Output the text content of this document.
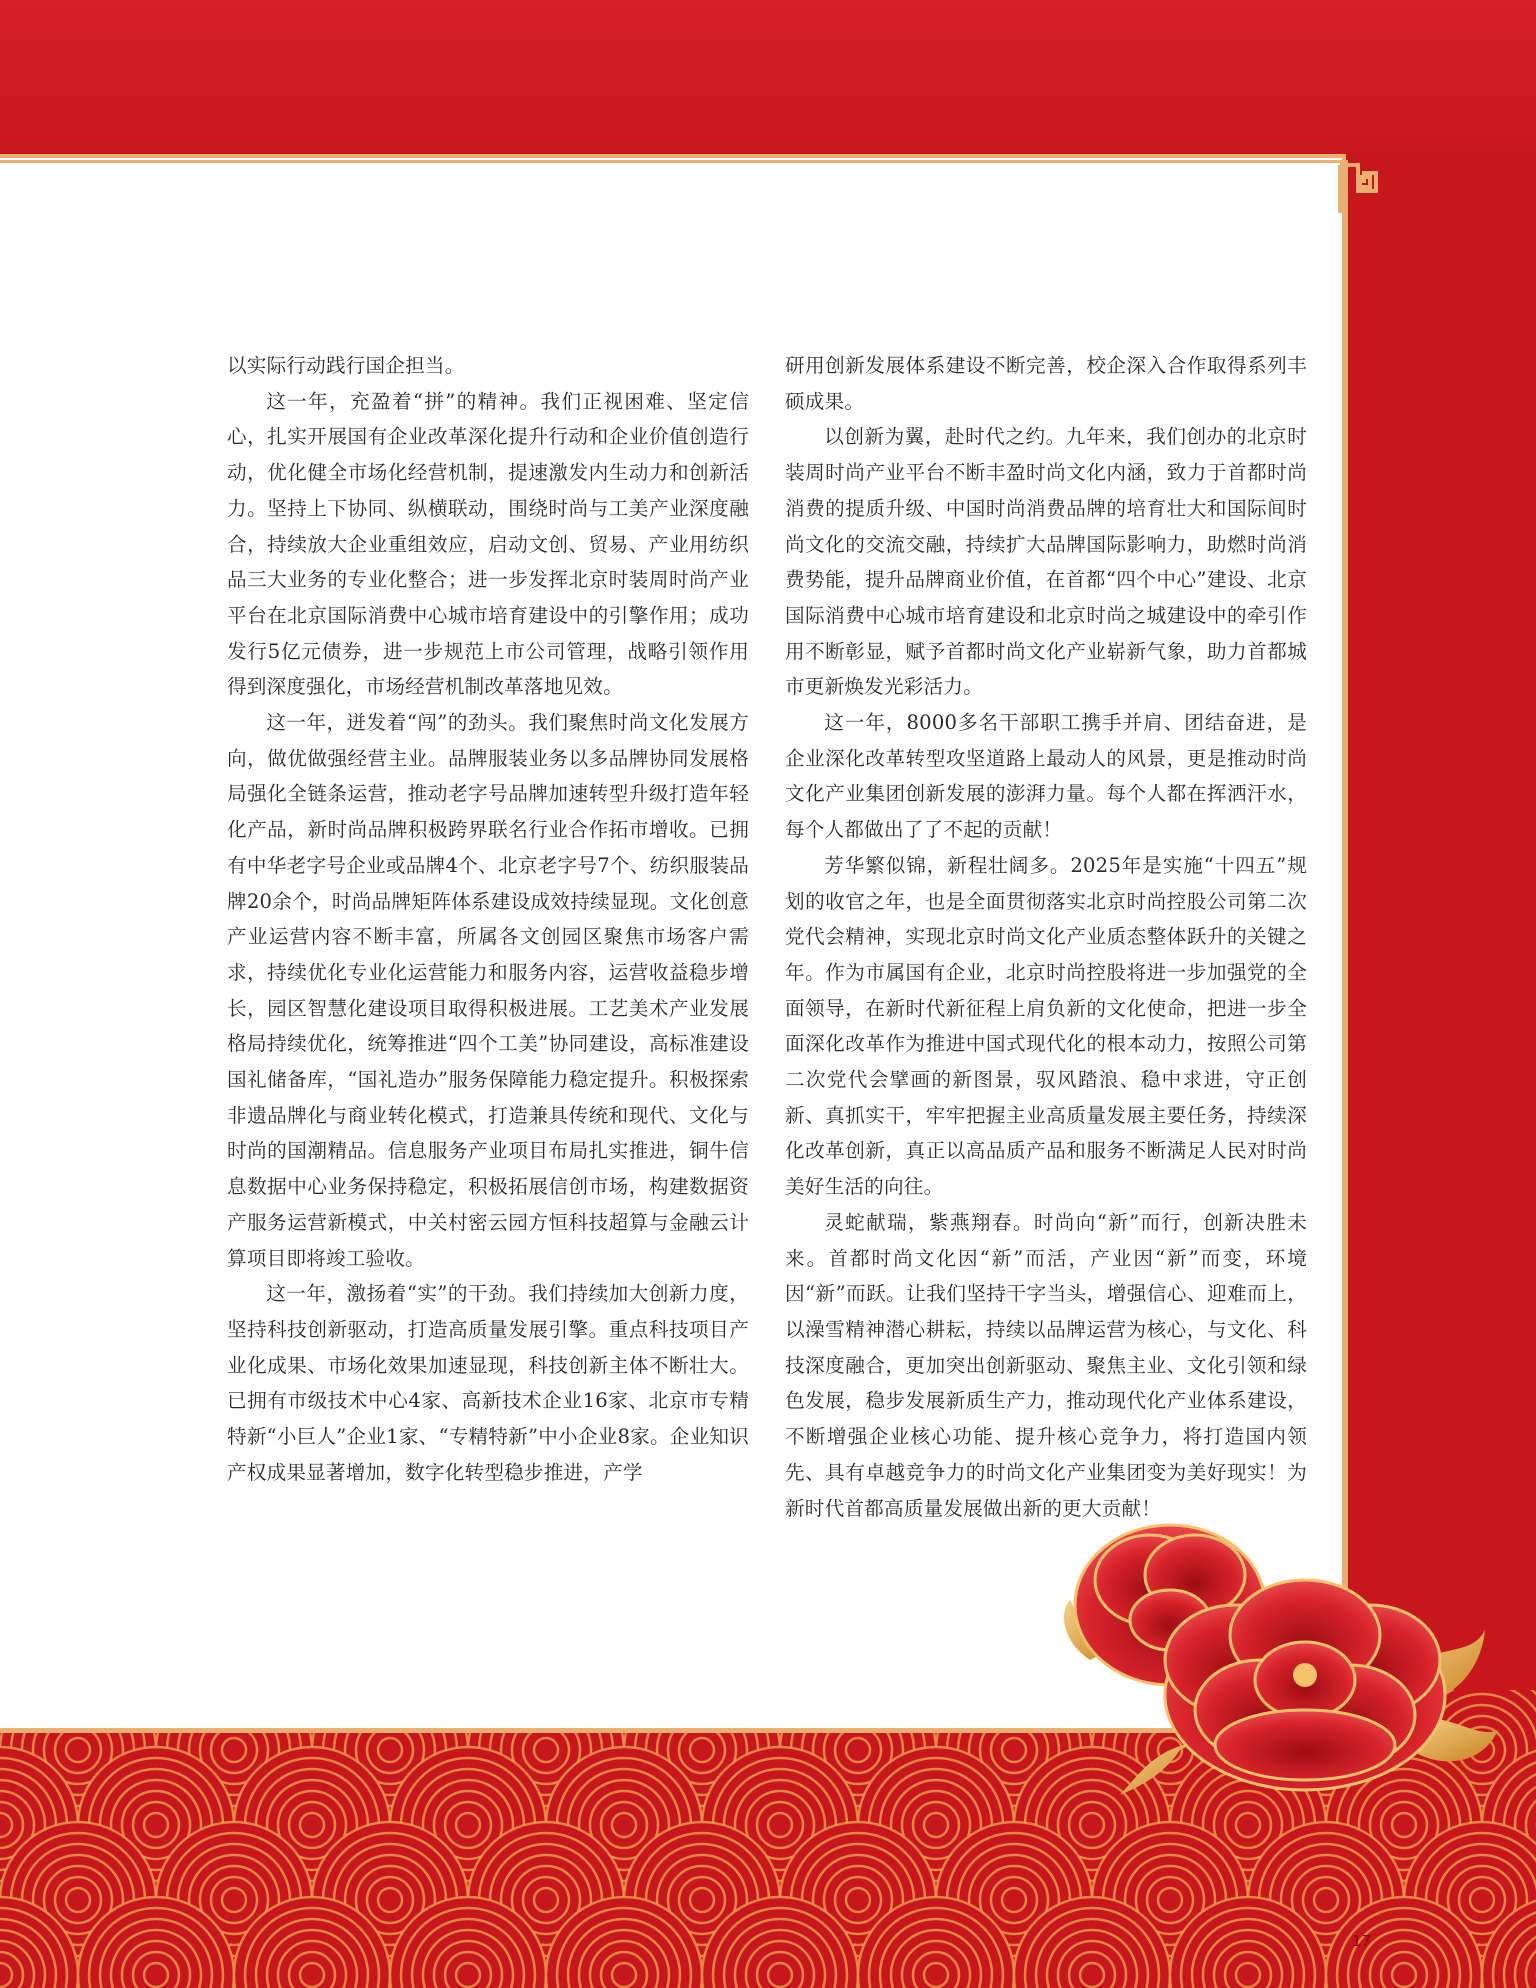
以实际行动践行国企担当。

这一年，充盈着“拼”的精神。我们正视困难、坚定信心，扎实开展国有企业改革深化提升行动和企业价值创造行动，优化健全市场化经营机制，提速激发内生动力和创新活力。坚持上下协同、纵横联动，围绕时尚与工美产业深度融合，持续放大企业重组效应，启动文创、贸易、产业用纺织品三大业务的专业化整合；进一步发挥北京时装周时尚产业平台在北京国际消费中心城市培育建设中的引擎作用；成功发行5亿元债券，进一步规范上市公司管理，战略引领作用得到深度强化，市场经营机制改革落地见效。

这一年，迸发着“闯”的劲头。我们聚焦时尚文化发展方向，做优做强经营主业。品牌服装业务以多品牌协同发展格局强化全链条运营，推动老字号品牌加速转型升级打造年轻化产品，新时尚品牌积极跨界联名行业合作拓市增收。已拥有中华老字号企业或品牌4个、北京老字号7个、纺织服装品牌20余个，时尚品牌矩阵体系建设成效持续显现。文化创意产业运营内容不断丰富，所属各文创园区聚焦市场客户需求，持续优化专业化运营能力和服务内容，运营收益稳步增长，园区智慧化建设项目取得积极进展。工艺美术产业发展格局持续优化，统筹推进“四个工美”协同建设，高标准建设国礼储备库，“国礼造办”服务保障能力稳定提升。积极探索非遗品牌化与商业转化模式，打造兼具传统和现代、文化与时尚的国潮精品。信息服务产业项目布局扎实推进，铜牛信息数据中心业务保持稳定，积极拓展信创市场，构建数据资产服务运营新模式，中关村密云园方恒科技超算与金融云计算项目即将竣工验收。

这一年，激扬着“实”的干劲。我们持续加大创新力度，坚持科技创新驱动，打造高质量发展引擎。重点科技项目产业化成果、市场化效果加速显现，科技创新主体不断壮大。已拥有市级技术中心4家、高新技术企业16家、北京市专精特新“小巨人”企业1家、“专精特新”中小企业8家。企业知识产权成果显著增加，数字化转型稳步推进，产学

研用创新发展体系建设不断完善，校企深入合作取得系列丰硕成果。

以创新为翼，赴时代之约。九年来，我们创办的北京时装周时尚产业平台不断丰盈时尚文化内涵，致力于首都时尚消费的提质升级、中国时尚消费品牌的培育壮大和国际间时尚文化的交流交融，持续扩大品牌国际影响力，助燃时尚消费势能，提升品牌商业价值，在首都“四个中心”建设、北京国际消费中心城市培育建设和北京时尚之城建设中的牵引作用不断彰显，赋予首都时尚文化产业崭新气象，助力首都城市更新焕发光彩活力。

这一年，8000多名干部职工携手并肩、团结奋进，是企业深化改革转型攻坚道路上最动人的风景，更是推动时尚文化产业集团创新发展的澎湃力量。每个人都在挥洒汗水，每个人都做出了了不起的贡献！

芳华繁似锦，新程壮阔多。2025年是实施“十四五”规划的收官之年，也是全面贯彻落实北京时尚控股公司第二次党代会精神，实现北京时尚文化产业质态整体跃升的关键之年。作为市属国有企业，北京时尚控股将进一步加强党的全面领导，在新时代新征程上肩负新的文化使命，把进一步全面深化改革作为推进中国式现代化的根本动力，按照公司第二次党代会擘画的新图景，驭风踏浪、稳中求进，守正创新、真抓实干，牢牢把握主业高质量发展主要任务，持续深化改革创新，真正以高品质产品和服务不断满足人民对时尚美好生活的向往。

灵蛇献瑞，紫燕翔春。时尚向“新”而行，创新决胜未来。首都时尚文化因“新”而活，产业因“新”而变，环境因“新”而跃。让我们坚持干字当头，增强信心、迎难而上，以澡雪精神潜心耕耘，持续以品牌运营为核心，与文化、科技深度融合，更加突出创新驱动、聚焦主业、文化引领和绿色发展，稳步发展新质生产力，推动现代化产业体系建设，不断增强企业核心功能、提升核心竞争力，将打造国内领先、具有卓越竞争力的时尚文化产业集团变为美好现实！为新时代首都高质量发展做出新的更大贡献！

17
